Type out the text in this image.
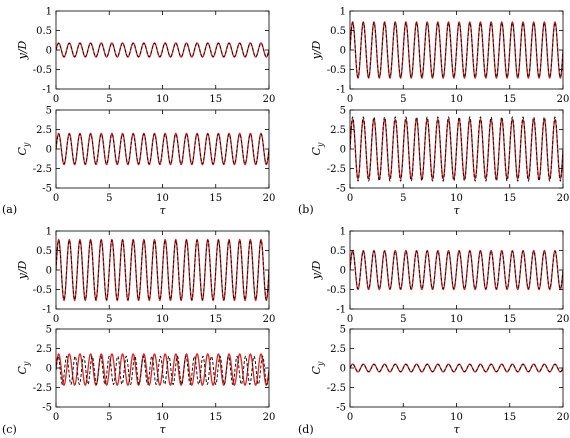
(a)	(b)
(c)	(d)
0	5	10	15	20
-1
-0.5
0
0.5
1
y/D
0	5	10	15	20
-5
-2.5
0
2.5
5
$C_y$
τ
0	5	10	15	20
-1
-0.5
0
0.5
1
y/D
0	5	10	15	20
-5
-2.5
0
2.5
5
$C_y$
τ
0	5	10	15	20
-1
-0.5
0
0.5
1
y/D
0	5	10	15	20
-5
-2.5
0
2.5
5
$C_y$
τ
0	5	10	15	20
-1
-0.5
0
0.5
1
y/D
0	5	10	15	20
-5
-2.5
0
2.5
5
$C_y$
τ
